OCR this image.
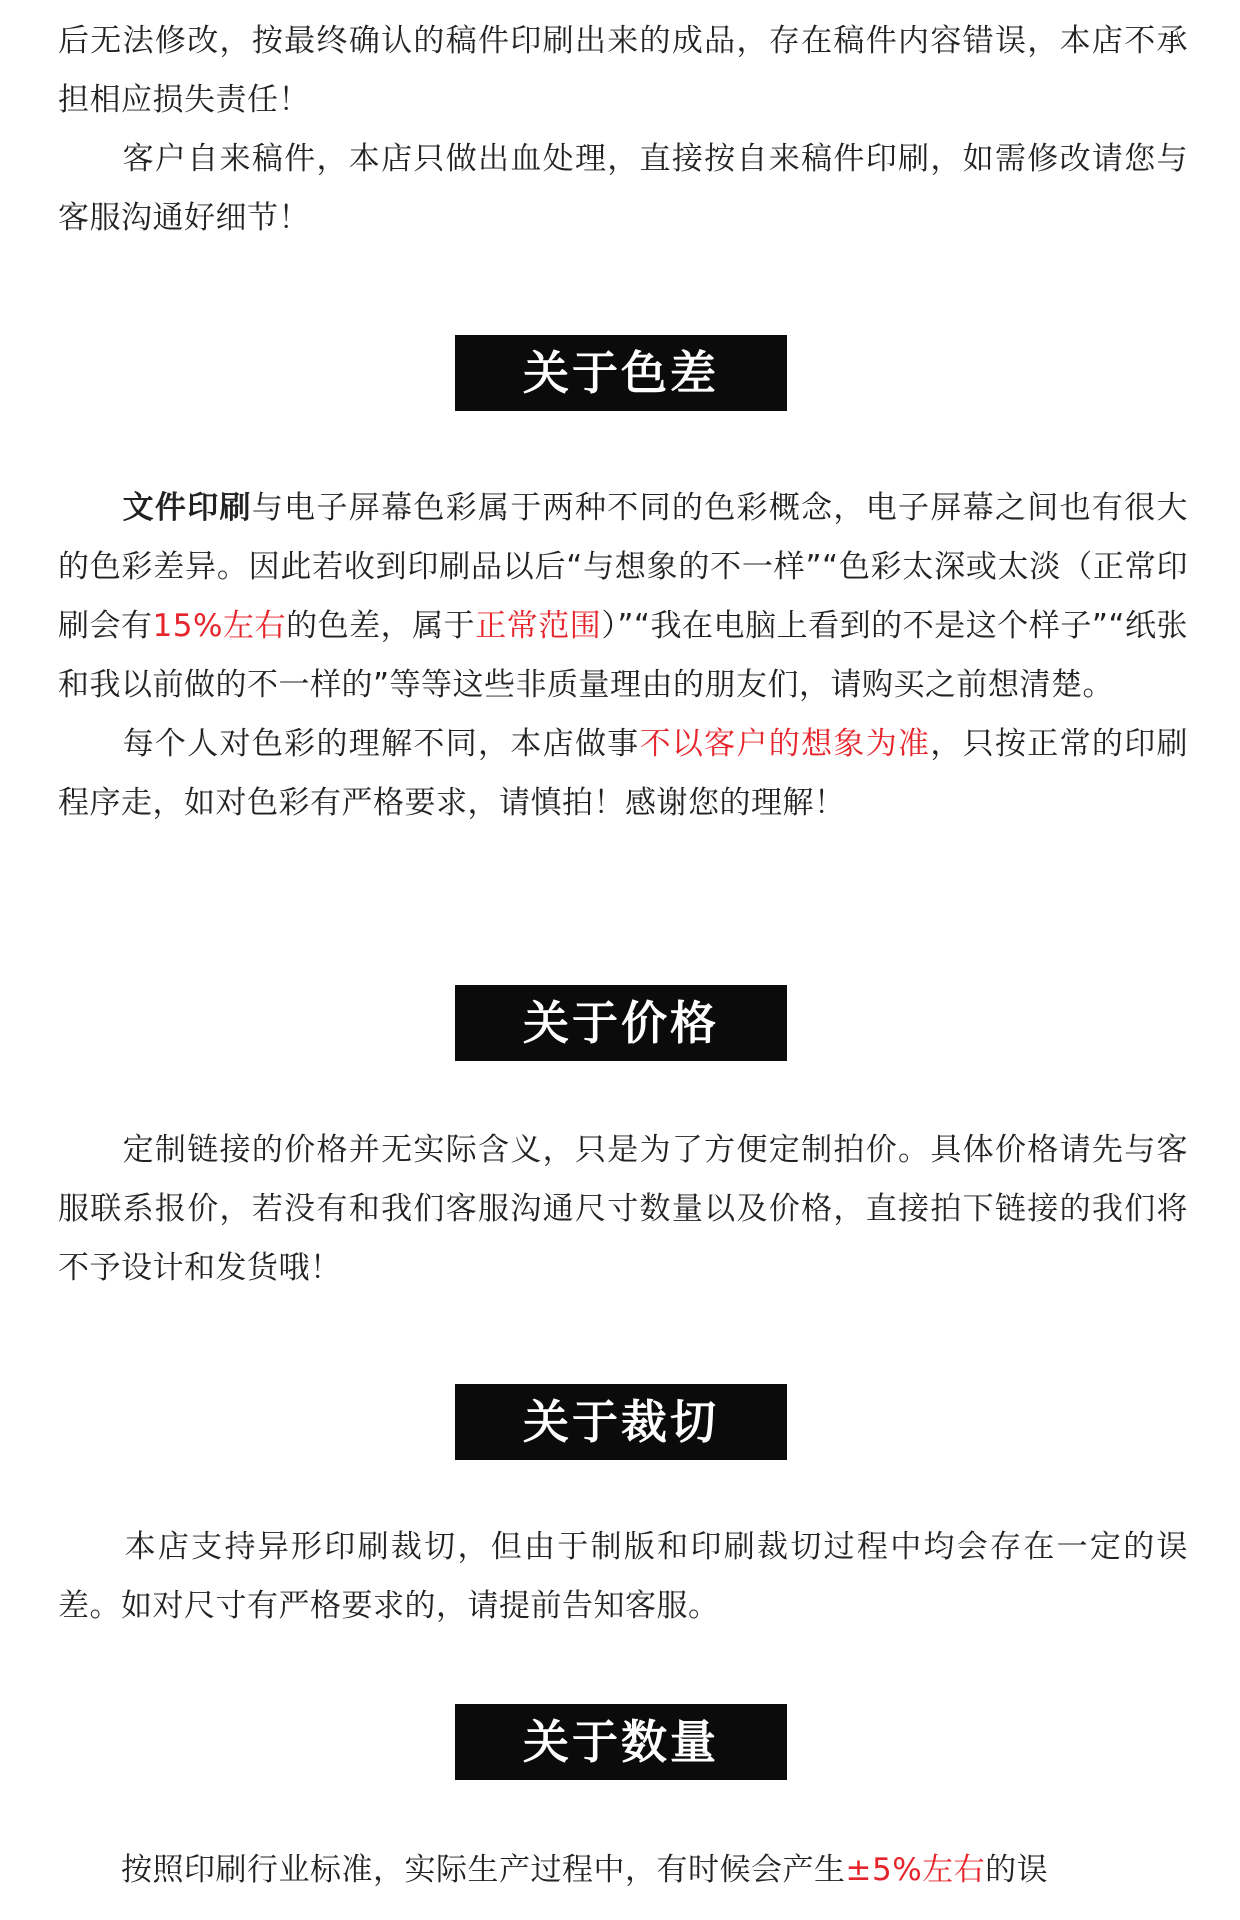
后无法修改，按最终确认的稿件印刷出来的成品，存在稿件内容错误，本店不承担相应损失责任！
　　客户自来稿件，本店只做出血处理，直接按自来稿件印刷，如需修改请您与客服沟通好细节！
关于色差
　　文件印刷与电子屏幕色彩属于两种不同的色彩概念，电子屏幕之间也有很大的色彩差异。因此若收到印刷品以后“与想象的不一样”“色彩太深或太淡（正常印刷会有15%左右的色差，属于正常范围）”“我在电脑上看到的不是这个样子”“纸张和我以前做的不一样的”等等这些非质量理由的朋友们，请购买之前想清楚。
　　每个人对色彩的理解不同，本店做事不以客户的想象为准，只按正常的印刷程序走，如对色彩有严格要求，请慎拍！感谢您的理解！
关于价格
　　定制链接的价格并无实际含义，只是为了方便定制拍价。具体价格请先与客服联系报价，若没有和我们客服沟通尺寸数量以及价格，直接拍下链接的我们将不予设计和发货哦！
关于裁切
　　本店支持异形印刷裁切，但由于制版和印刷裁切过程中均会存在一定的误差。如对尺寸有严格要求的，请提前告知客服。
关于数量
　　按照印刷行业标准，实际生产过程中，有时候会产生±5%左右的误
